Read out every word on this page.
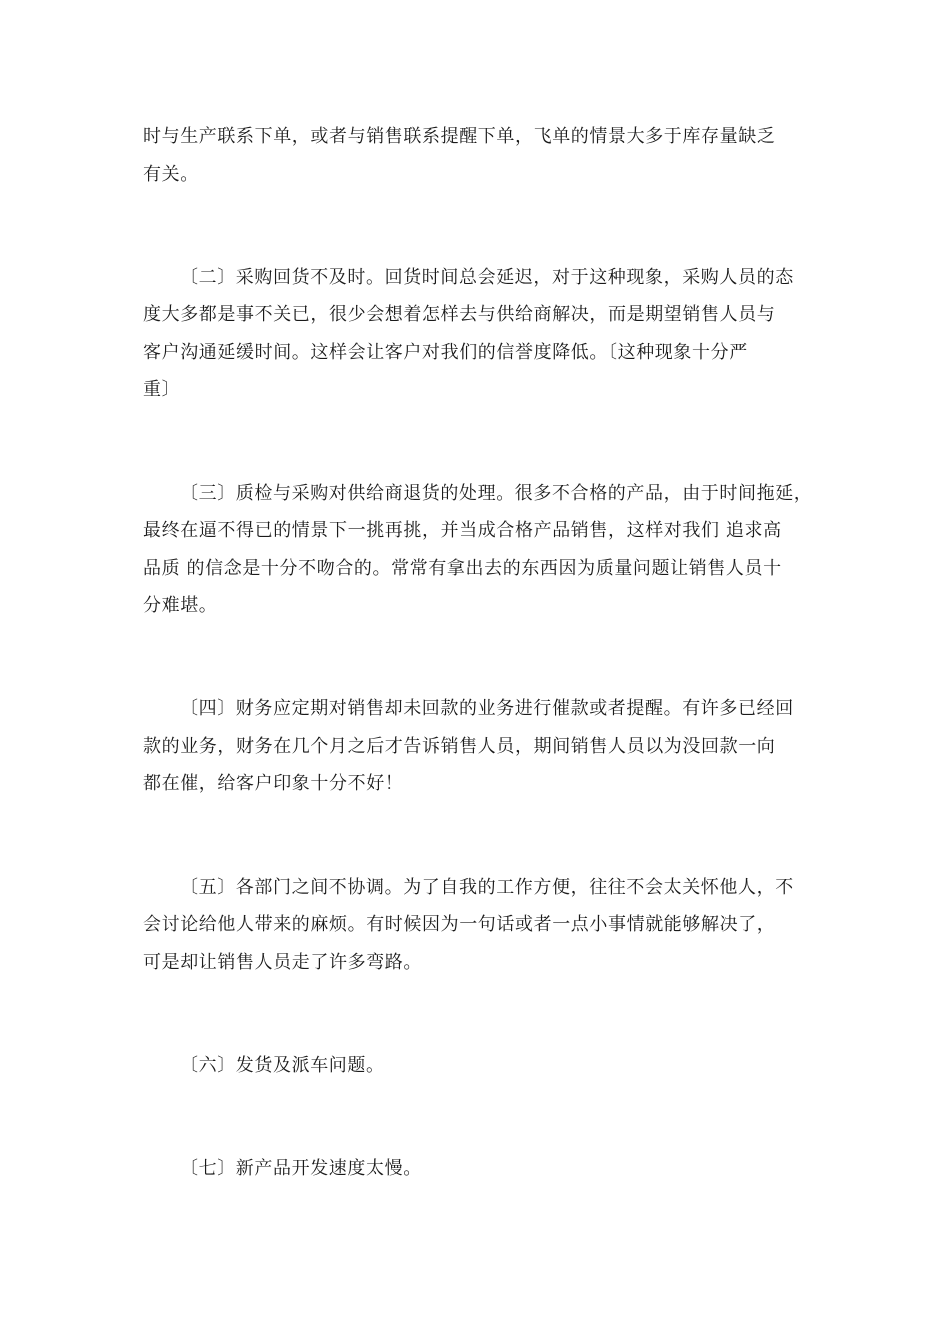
时与生产联系下单，或者与销售联系提醒下单，飞单的情景大多于库存量缺乏
有关。
〔二〕采购回货不及时。回货时间总会延迟，对于这种现象，采购人员的态
度大多都是事不关已，很少会想着怎样去与供给商解决，而是期望销售人员与
客户沟通延缓时间。这样会让客户对我们的信誉度降低。〔这种现象十分严
重〕
〔三〕质检与采购对供给商退货的处理。很多不合格的产品，由于时间拖延，
最终在逼不得已的情景下一挑再挑，并当成合格产品销售，这样对我们 追求高
品质 的信念是十分不吻合的。常常有拿出去的东西因为质量问题让销售人员十
分难堪。
〔四〕财务应定期对销售却未回款的业务进行催款或者提醒。有许多已经回
款的业务，财务在几个月之后才告诉销售人员，期间销售人员以为没回款一向
都在催，给客户印象十分不好！
〔五〕各部门之间不协调。为了自我的工作方便，往往不会太关怀他人，不
会讨论给他人带来的麻烦。有时候因为一句话或者一点小事情就能够解决了，
可是却让销售人员走了许多弯路。
〔六〕发货及派车问题。
〔七〕新产品开发速度太慢。
